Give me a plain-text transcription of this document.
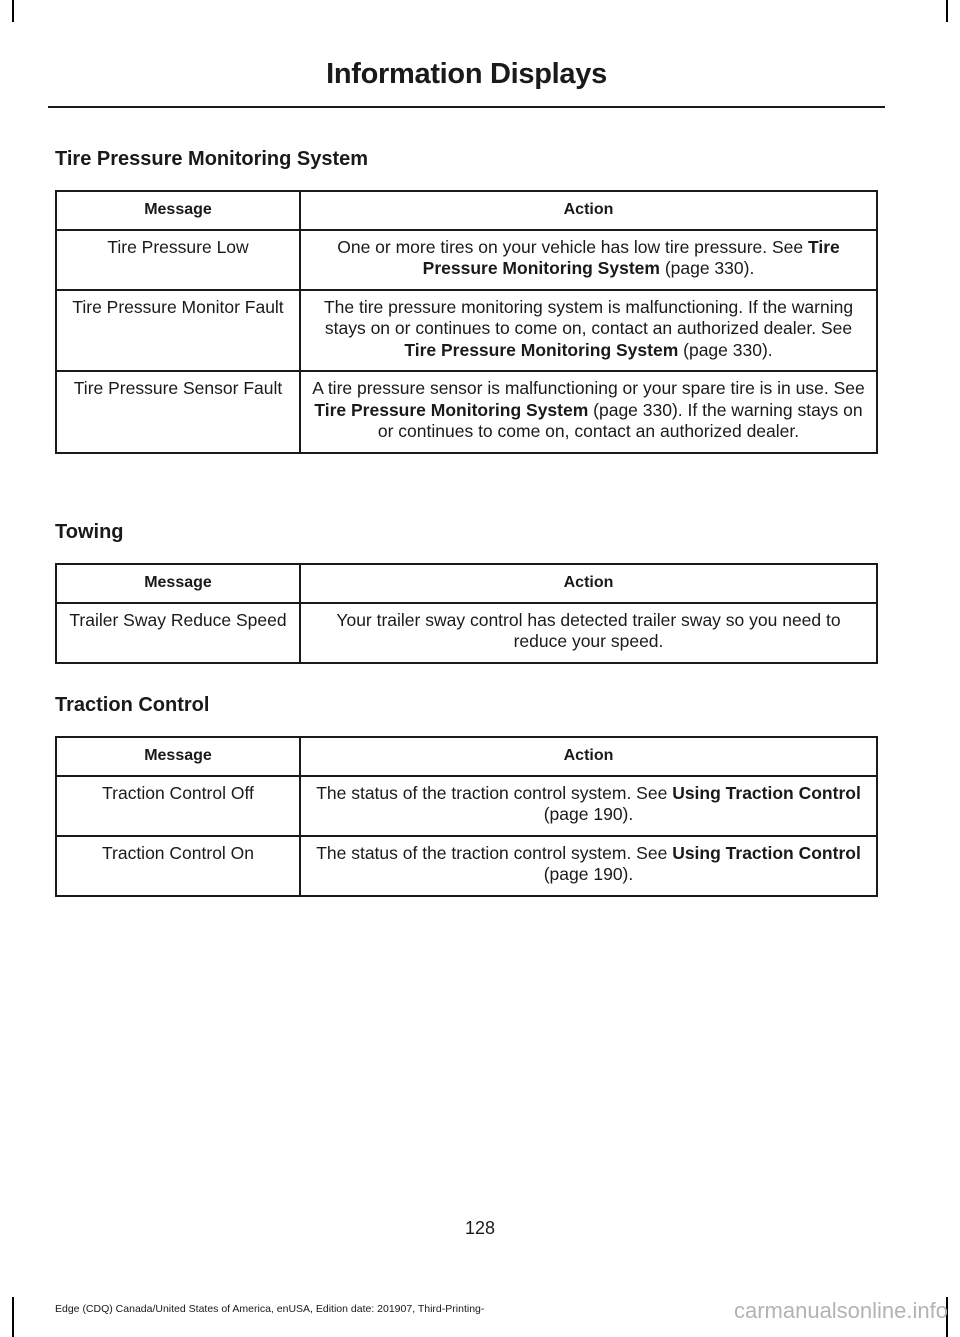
Information Displays
Tire Pressure Monitoring System
Message	Action
Tire Pressure Low	One or more tires on your vehicle has low tire pressure. See Tire Pressure Monitoring System (page 330).
Tire Pressure Monitor Fault	The tire pressure monitoring system is malfunctioning. If the warning stays on or continues to come on, contact an authorized dealer. See Tire Pressure Monitoring System (page 330).
Tire Pressure Sensor Fault	A tire pressure sensor is malfunctioning or your spare tire is in use. See Tire Pressure Monitoring System (page 330). If the warning stays on or continues to come on, contact an authorized dealer.
Towing
Message	Action
Trailer Sway Reduce Speed	Your trailer sway control has detected trailer sway so you need to reduce your speed.
Traction Control
Message	Action
Traction Control Off	The status of the traction control system. See Using Traction Control (page 190).
Traction Control On	The status of the traction control system. See Using Traction Control (page 190).
128
Edge (CDQ) Canada/United States of America, enUSA, Edition date: 201907, Third-Printing-	carmanualsonline.info
